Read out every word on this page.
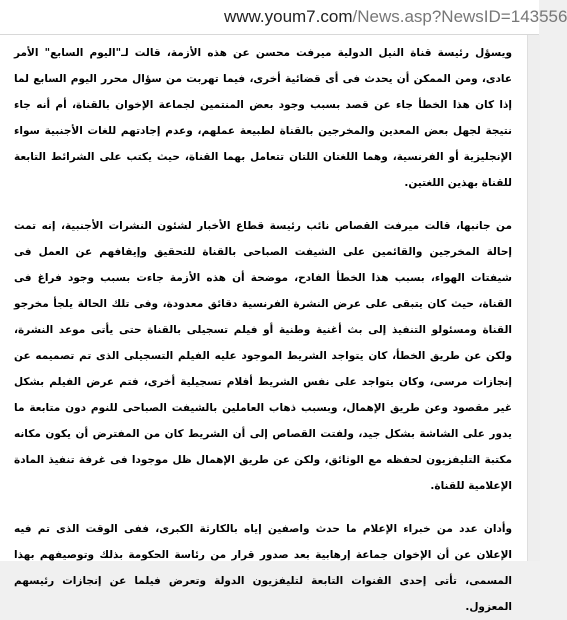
www.youm7.com/News.asp?NewsID=143556

ويسؤل رئيسة قناة النيل الدولية ميرفت محسن عن هذه الأزمة، قالت لـ"اليوم السابع" الأمر عادى، ومن الممكن أن يحدث فى أى قضائية أخرى، فيما تهربت من سؤال محرر اليوم السابع لما إذا كان هذا الخطأ جاء عن قصد بسبب وجود بعض المنتمين لجماعة الإخوان بالقناة، أم أنه جاء نتيجة لجهل بعض المعدين والمخرجين بالقناة لطبيعة عملهم، وعدم إجادتهم للغات الأجنبية سواء الإنجليزية أو الفرنسية، وهما اللغتان اللتان تتعامل بهما القناة، حيث يكتب على الشرائط التابعة للقناة بهذين اللغتين.

من جانبها، قالت ميرفت القصاص نائب رئيسة قطاع الأخبار لشئون النشرات الأجنبية، إنه تمت إحالة المخرجين والقائمين على الشيفت الصباحى بالقناة للتحقيق وإيقافهم عن العمل فى شيفتات الهواء، بسبب هذا الخطأ الفادح، موضحة أن هذه الأزمة جاءت بسبب وجود فراغ فى القناة، حيث كان يتبقى على عرض النشرة الفرنسية دقائق معدودة، وفى تلك الحالة يلجأ مخرجو القناة ومسئولو التنفيذ إلى بث أغنية وطنية أو فيلم تسجيلى بالقناة حتى يأتى موعد النشرة، ولكن عن طريق الخطأ، كان يتواجد الشريط الموجود عليه الفيلم التسجيلى الذى تم تصميمه عن إنجازات مرسى، وكان يتواجد على نفس الشريط أفلام تسجيلية أخرى، فتم عرض الفيلم بشكل غير مقصود وعن طريق الإهمال، وبسبب ذهاب العاملين بالشيفت الصباحى للنوم دون متابعة ما يدور على الشاشة بشكل جيد، ولفتت القصاص إلى أن الشريط كان من المفترض أن يكون مكانه مكتبة التليفزيون لحفظه مع الوثائق، ولكن عن طريق الإهمال ظل موجودا فى غرفة تنفيذ المادة الإعلامية للقناة.

وأدان عدد من خبراء الإعلام ما حدث واصفين إياه بالكارثة الكبرى، ففى الوقت الذى تم فيه الإعلان عن أن الإخوان جماعة إرهابية بعد صدور قرار من رئاسة الحكومة بذلك وتوصيفهم بهذا المسمى، تأتى إحدى القنوات التابعة لتليفزيون الدولة وتعرض فيلما عن إنجازات رئيسهم المعزول.
